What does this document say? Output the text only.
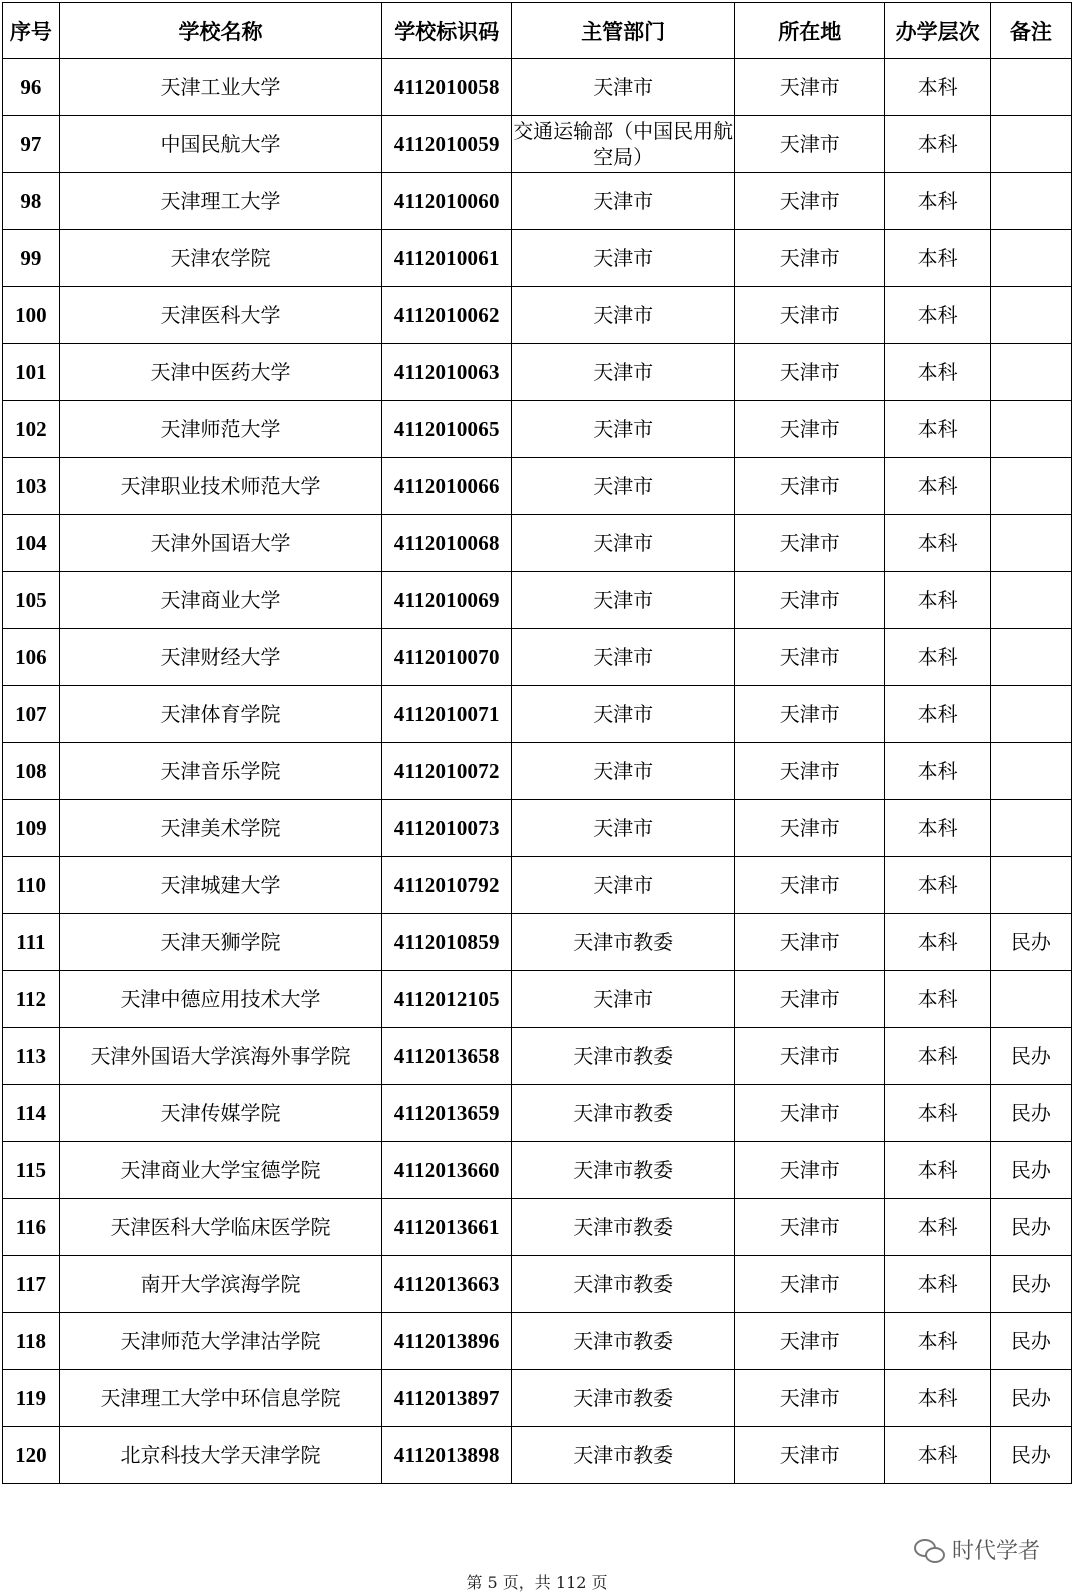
序号	学校名称	学校标识码	主管部门	所在地	办学层次	备注
96	天津工业大学	4112010058	天津市	天津市	本科	
97	中国民航大学	4112010059	交通运输部（中国民用航空局）	天津市	本科	
98	天津理工大学	4112010060	天津市	天津市	本科	
99	天津农学院	4112010061	天津市	天津市	本科	
100	天津医科大学	4112010062	天津市	天津市	本科	
101	天津中医药大学	4112010063	天津市	天津市	本科	
102	天津师范大学	4112010065	天津市	天津市	本科	
103	天津职业技术师范大学	4112010066	天津市	天津市	本科	
104	天津外国语大学	4112010068	天津市	天津市	本科	
105	天津商业大学	4112010069	天津市	天津市	本科	
106	天津财经大学	4112010070	天津市	天津市	本科	
107	天津体育学院	4112010071	天津市	天津市	本科	
108	天津音乐学院	4112010072	天津市	天津市	本科	
109	天津美术学院	4112010073	天津市	天津市	本科	
110	天津城建大学	4112010792	天津市	天津市	本科	
111	天津天狮学院	4112010859	天津市教委	天津市	本科	民办
112	天津中德应用技术大学	4112012105	天津市	天津市	本科	
113	天津外国语大学滨海外事学院	4112013658	天津市教委	天津市	本科	民办
114	天津传媒学院	4112013659	天津市教委	天津市	本科	民办
115	天津商业大学宝德学院	4112013660	天津市教委	天津市	本科	民办
116	天津医科大学临床医学院	4112013661	天津市教委	天津市	本科	民办
117	南开大学滨海学院	4112013663	天津市教委	天津市	本科	民办
118	天津师范大学津沽学院	4112013896	天津市教委	天津市	本科	民办
119	天津理工大学中环信息学院	4112013897	天津市教委	天津市	本科	民办
120	北京科技大学天津学院	4112013898	天津市教委	天津市	本科	民办
时代学者
第 5 页，共 112 页
